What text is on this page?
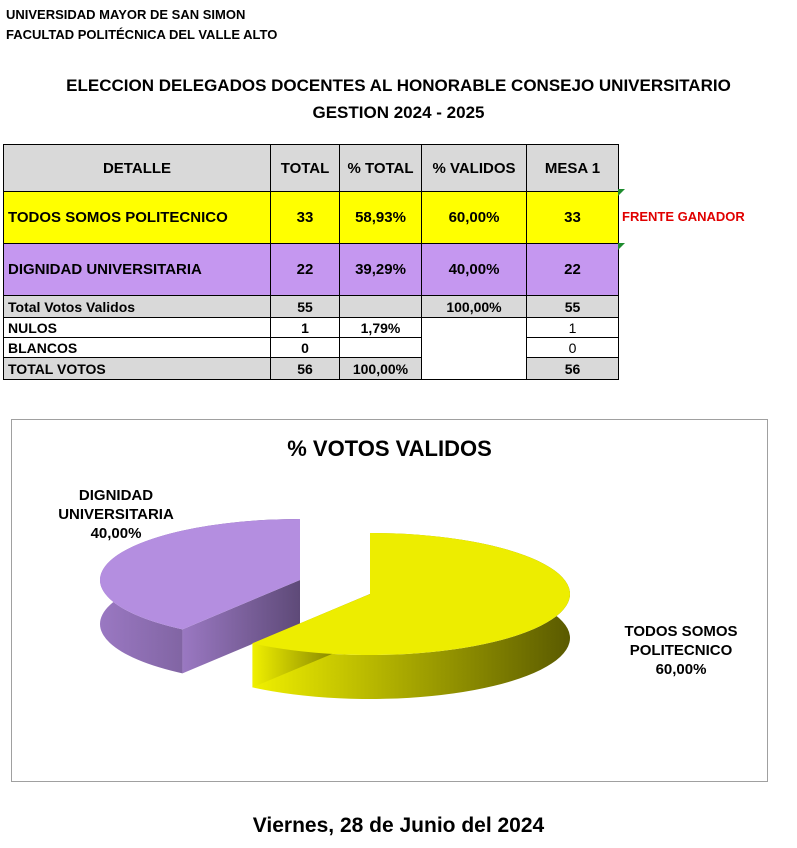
UNIVERSIDAD MAYOR DE SAN SIMON
FACULTAD POLITÉCNICA DEL VALLE ALTO
ELECCION DELEGADOS DOCENTES AL HONORABLE CONSEJO UNIVERSITARIO
GESTION 2024 - 2025
DETALLE	TOTAL	% TOTAL	% VALIDOS	MESA 1
TODOS SOMOS POLITECNICO	33	58,93%	60,00%	33
DIGNIDAD UNIVERSITARIA	22	39,29%	40,00%	22
Total Votos Validos	55		100,00%	55
NULOS	1	1,79%		1
BLANCOS	0			0
TOTAL VOTOS	56	100,00%		56
FRENTE GANADOR
% VOTOS VALIDOS
DIGNIDAD
UNIVERSITARIA
40,00%
TODOS SOMOS
POLITECNICO
60,00%
Viernes, 28 de Junio del 2024
